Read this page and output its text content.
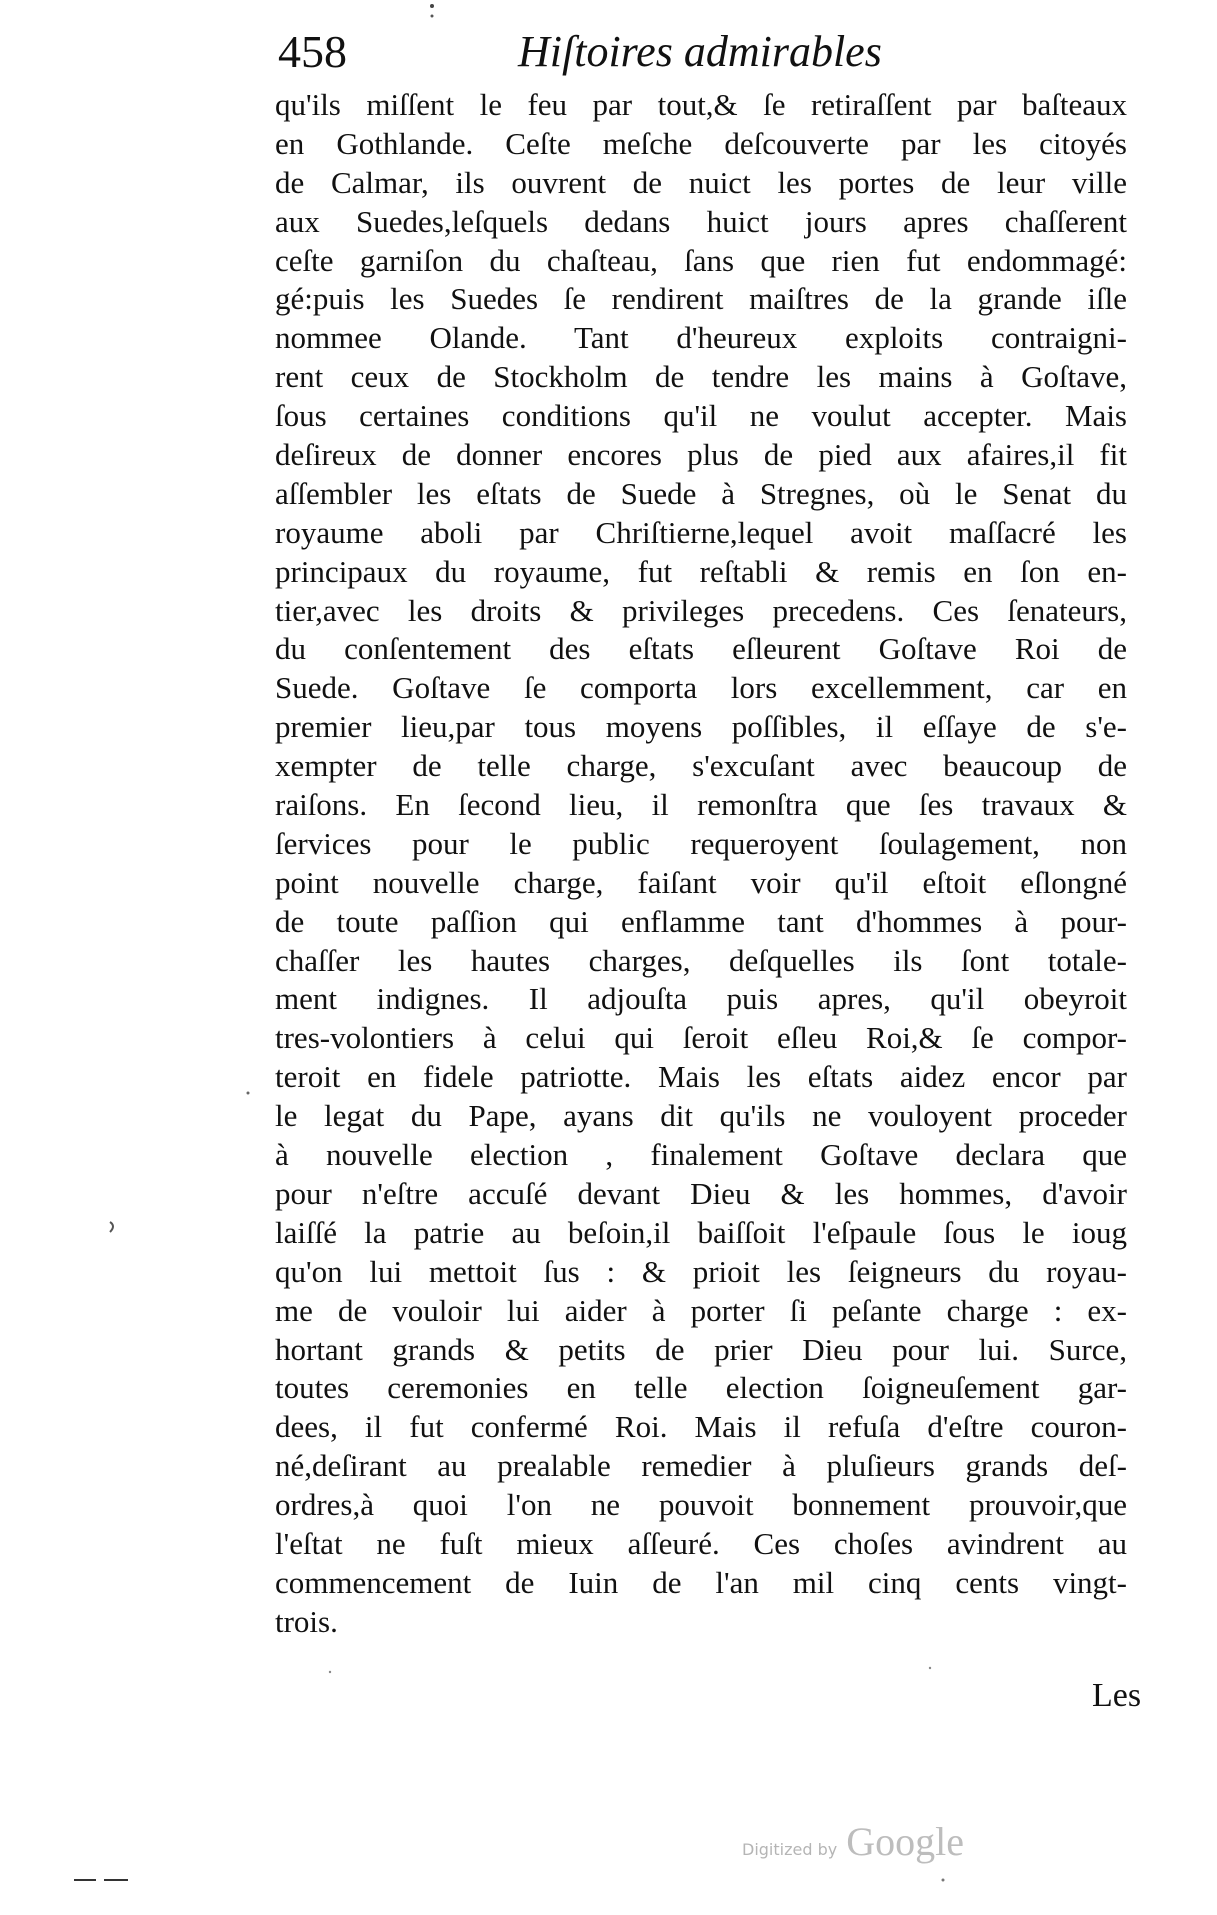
458	Hiſtoires admirables
qu'ils miſſent le feu par tout,& ſe retiraſſent par baſteaux
en Gothlande. Ceſte meſche deſcouverte par les citoyés
de Calmar, ils ouvrent de nuict les portes de leur ville
aux Suedes,leſquels dedans huict jours apres chaſſerent
ceſte garniſon du chaſteau, ſans que rien fut endommagé:
gé:puis les Suedes ſe rendirent maiſtres de la grande iſle
nommee Olande. Tant d'heureux exploits contraigni-
rent ceux de Stockholm de tendre les mains à Goſtave,
ſous certaines conditions qu'il ne voulut accepter. Mais
deſireux de donner encores plus de pied aux afaires,il fit
aſſembler les eſtats de Suede à Stregnes, où le Senat du
royaume aboli par Chriſtierne,lequel avoit maſſacré les
principaux du royaume, fut reſtabli & remis en ſon en-
tier,avec les droits & privileges precedens. Ces ſenateurs,
du conſentement des eſtats eſleurent Goſtave Roi de
Suede. Goſtave ſe comporta lors excellemment, car en
premier lieu,par tous moyens poſſibles, il eſſaye de s'e-
xempter de telle charge, s'excuſant avec beaucoup de
raiſons. En ſecond lieu, il remonſtra que ſes travaux &
ſervices pour le public requeroyent ſoulagement, non
point nouvelle charge, faiſant voir qu'il eſtoit eſlongné
de toute paſſion qui enflamme tant d'hommes à pour-
chaſſer les hautes charges, deſquelles ils ſont totale-
ment indignes. Il adjouſta puis apres, qu'il obeyroit
tres-volontiers à celui qui ſeroit eſleu Roi,& ſe compor-
teroit en fidele patriotte. Mais les eſtats aidez encor par
le legat du Pape, ayans dit qu'ils ne vouloyent proceder
à nouvelle election , finalement Goſtave declara que
pour n'eſtre accuſé devant Dieu & les hommes, d'avoir
laiſſé la patrie au beſoin,il baiſſoit l'eſpaule ſous le ioug
qu'on lui mettoit ſus : & prioit les ſeigneurs du royau-
me de vouloir lui aider à porter ſi peſante charge : ex-
hortant grands & petits de prier Dieu pour lui. Surce,
toutes ceremonies en telle election ſoigneuſement gar-
dees, il fut confermé Roi. Mais il refuſa d'eſtre couron-
né,deſirant au prealable remedier à pluſieurs grands deſ-
ordres,à quoi l'on ne pouvoit bonnement prouvoir,que
l'eſtat ne fuſt mieux aſſeuré. Ces choſes avindrent au
commencement de Iuin de l'an mil cinq cents vingt-
trois.
Les
Digitized by Google
